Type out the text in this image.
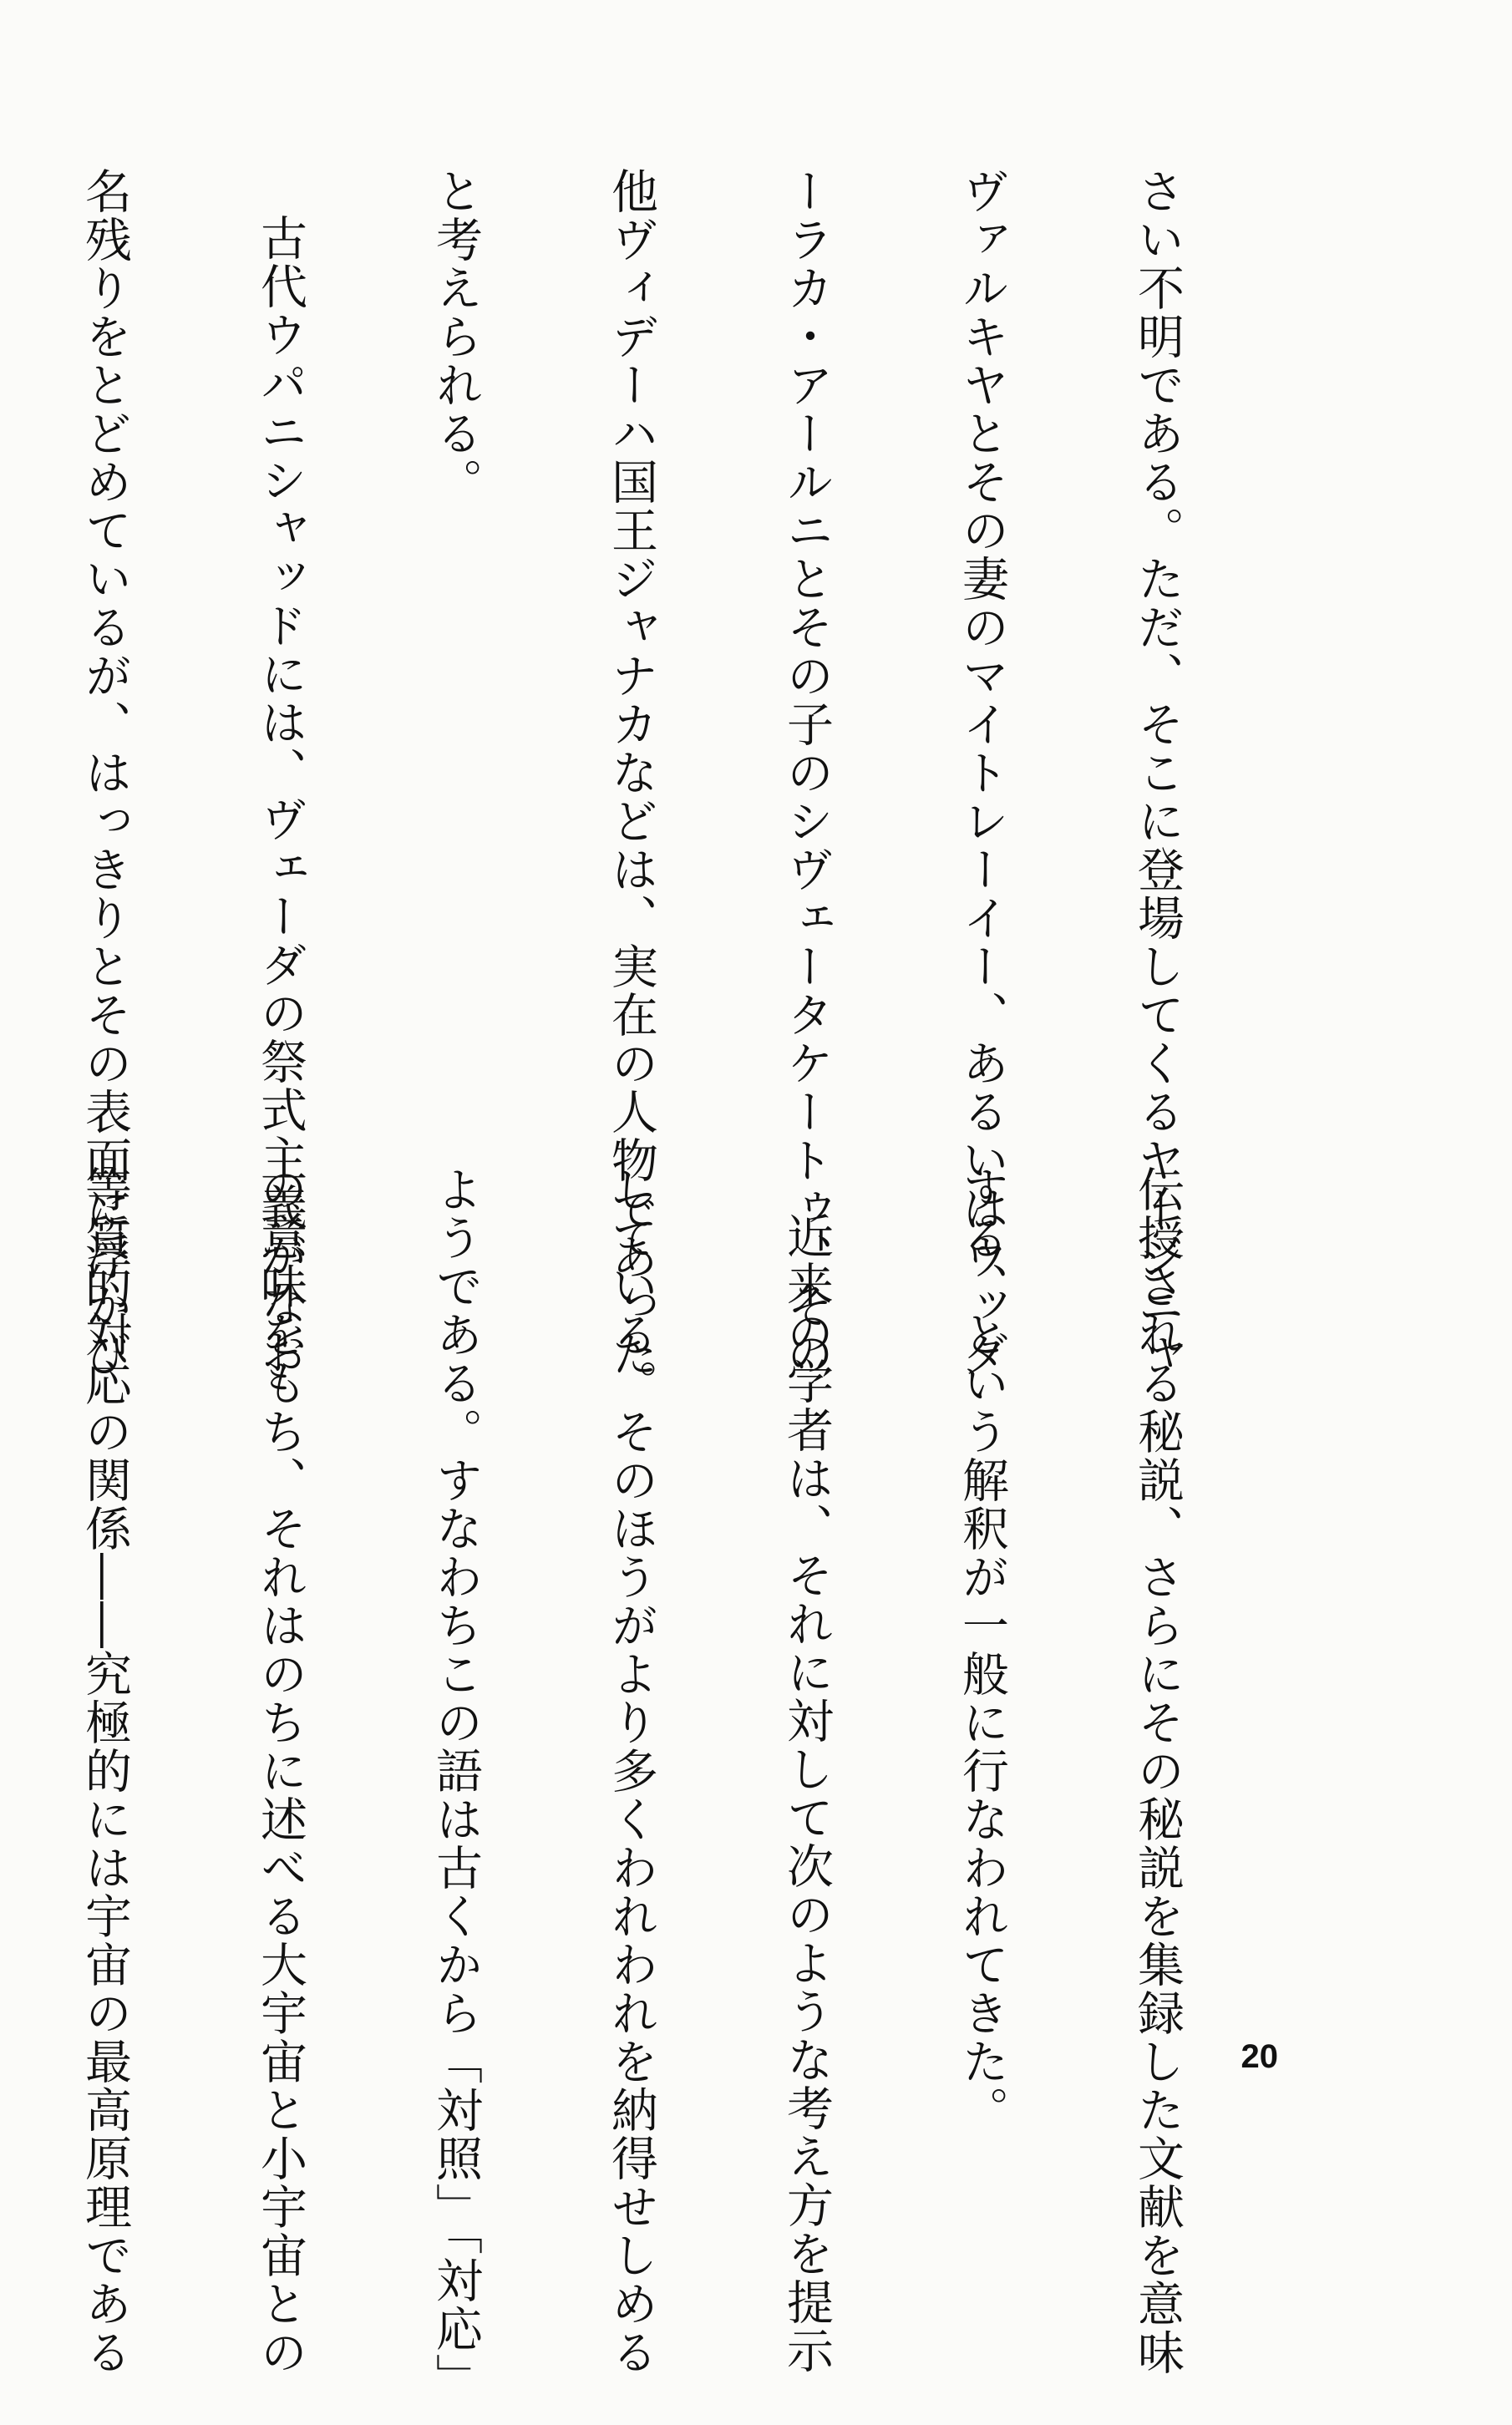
さい不明である。ただ、そこに登場してくるヤージニャ

ヴァルキヤとその妻のマイトレーイー、あるいはウッダ

ーラカ・アールニとその子のシヴェータケートゥ、その

他ヴィデーハ国王ジャナカなどは、実在の人物であった

と考えられる。

古代ウパニシャッドには、ヴェーダの祭式主義がなお

名残りをとどめているが、はっきりとその表面に浮かび

伝授される秘説、さらにその秘説を集録した文献を意味

する、という解釈が一般に行なわれてきた。

近来の学者は、それに対して次のような考え方を提示

している。そのほうがより多くわれわれを納得せしめる

ようである。すなわちこの語は古くから「対照」「対応」

の意味をもち、それはのちに述べる大宇宙と小宇宙との

等質的対応の関係――究極的には宇宙の最高原理である

	20
